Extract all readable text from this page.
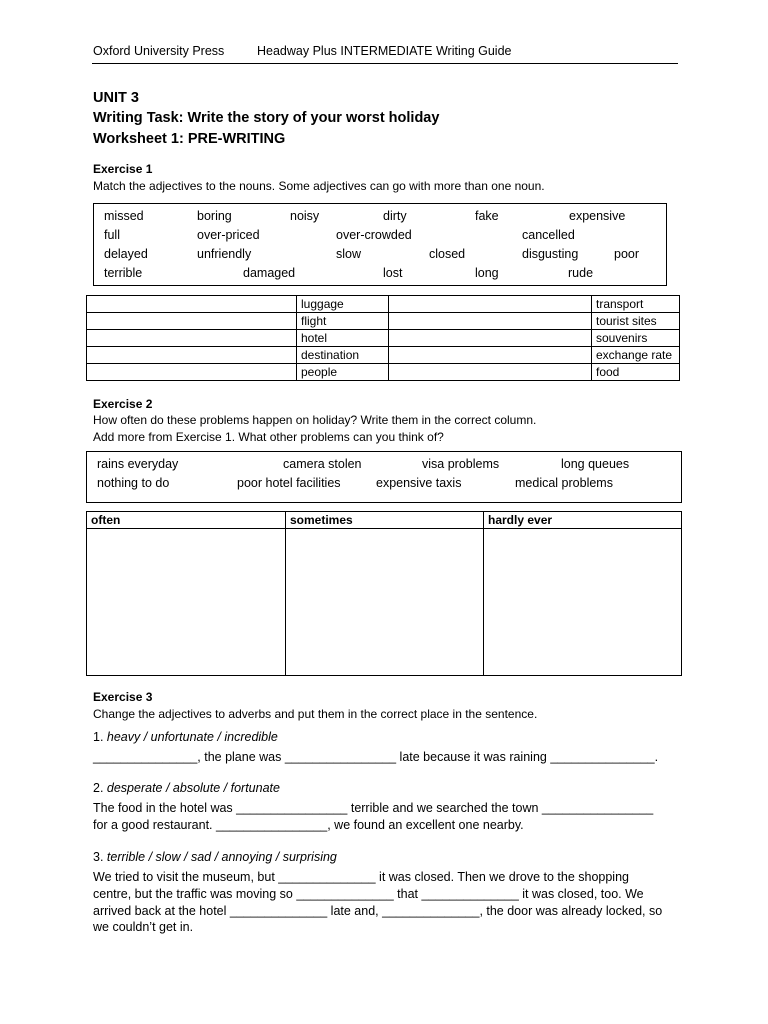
Oxford University Press	Headway Plus INTERMEDIATE Writing Guide
UNIT 3
Writing Task: Write the story of your worst holiday
Worksheet 1: PRE-WRITING
Exercise 1
Match the adjectives to the nouns. Some adjectives can go with more than one noun.
missed	boring	noisy	dirty	fake	expensive
full	over-priced	over-crowded	cancelled
delayed	unfriendly	slow	closed	disgusting	poor
terrible	damaged	lost	long	rude
	luggage		transport
	flight		tourist sites
	hotel		souvenirs
	destination		exchange rate
	people		food
Exercise 2
How often do these problems happen on holiday? Write them in the correct column.
Add more from Exercise 1. What other problems can you think of?
rains everyday	camera stolen	visa problems	long queues
nothing to do	poor hotel facilities	expensive taxis	medical problems
often	sometimes	hardly ever

Exercise 3
Change the adjectives to adverbs and put them in the correct place in the sentence.
1. heavy / unfortunate / incredible
_______________, the plane was ________________ late because it was raining _______________.
2. desperate / absolute / fortunate
The food in the hotel was ________________ terrible and we searched the town ________________
for a good restaurant. ________________, we found an excellent one nearby.
3. terrible / slow / sad / annoying / surprising
We tried to visit the museum, but ______________ it was closed. Then we drove to the shopping
centre, but the traffic was moving so ______________ that ______________ it was closed, too. We
arrived back at the hotel ______________ late and, ______________, the door was already locked, so
we couldn’t get in.
